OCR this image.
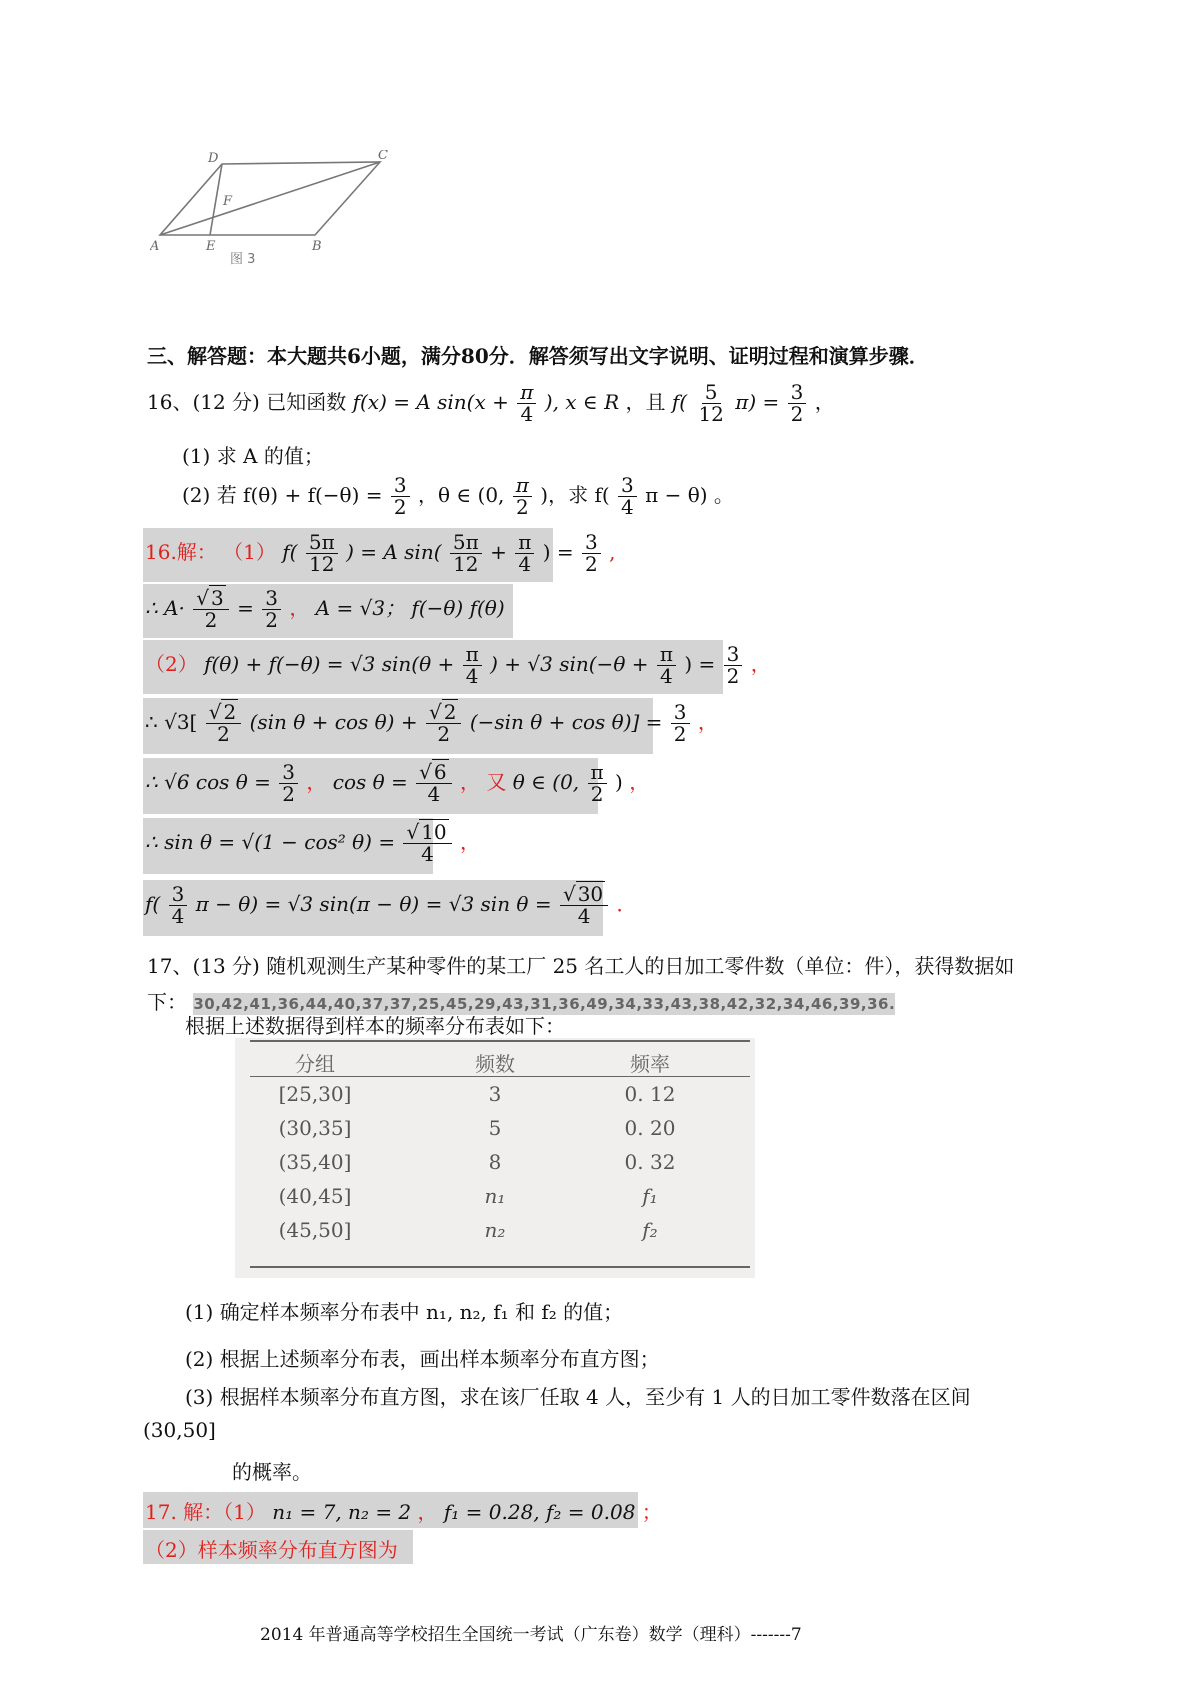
D	C
F
A	E	B
图 3
三、解答题：本大题共6小题，满分80分．解答须写出文字说明、证明过程和演算步骤．
16、(12 分) 已知函数 f(x) = A $\sin(x + \frac{\pi}{4}$ ), x ∈ R ，且 $f( \frac{5}{12} \pi) = \frac{3}{2}$ ，
(1) 求 A 的值；
(2) 若 $f(\theta) + f(-\theta) = \frac{3}{2}$ ，θ ∈ (0, $\frac{\pi}{2}$ )，求 $f( \frac{3}{4}$ π − θ) 。
16.解： （1） $f( \frac{5\pi}{12}$ ) = A $\sin( \frac{5\pi}{12} + \frac{\pi}{4}$ ) = $\frac{3}{2}$ ,
∴ $A\cdot \frac{√ 3}{2} = \frac{3}{2}$ ， A = √3； f(−θ) f(θ)
（2） f(θ) + f(−θ) = √3 $\sin(\theta + \frac{\pi}{4}$ ) + √3 $\sin(-\theta + \frac{\pi}{4}$ ) = $\frac{3}{2}$ ，
∴ $√3[ \frac{√ 2}{2} (\sin$ $\theta + \cos \theta) + \frac{√ 2}{2} (-\sin$ $\theta + \cos \theta)] = \frac{3}{2}$ ，
∴ √6 $\cos \theta = \frac{3}{2}$ ， $\cos \theta = \frac{√ 6}{4}$ ， 又 θ ∈ (0, $\frac{\pi}{2}$ ) ，
∴ sin θ = √(1 − cos² $\theta) = \frac{√ 10}{4}$ ，
$f( \frac{3}{4}$ π − θ) = √3 sin(π − θ) = √3 $\sin \theta = \frac{√ 30}{4}$ ．
17、(13 分) 随机观测生产某种零件的某工厂 25 名工人的日加工零件数（单位：件），获得数据如
下： 30,42,41,36,44,40,37,37,25,45,29,43,31,36,49,34,33,43,38,42,32,34,46,39,36.
根据上述数据得到样本的频率分布表如下：
分组	频数	频率
[25,30]	3	0. 12
(30,35]	5	0. 20
(35,40]	8	0. 32
(40,45]	n₁	f₁
(45,50]	n₂	f₂
(1) 确定样本频率分布表中 n₁, n₂, f₁ 和 f₂ 的值；
(2) 根据上述频率分布表，画出样本频率分布直方图；
(3) 根据样本频率分布直方图，求在该厂任取 4 人，至少有 1 人的日加工零件数落在区间
(30,50]
的概率。
17. 解：（1） n₁ = 7, n₂ = 2 ， f₁ = 0.28, f₂ = 0.08 ；
（2）样本频率分布直方图为
2014 年普通高等学校招生全国统一考试（广东卷）数学（理科）-------7
